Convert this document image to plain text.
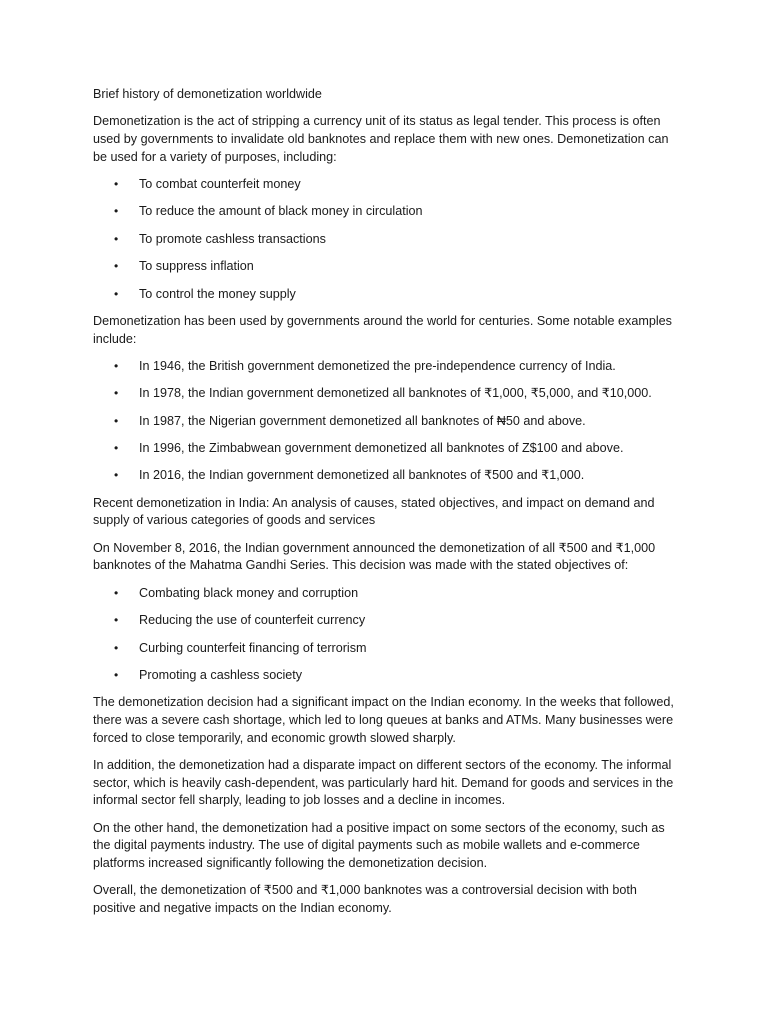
Brief history of demonetization worldwide

Demonetization is the act of stripping a currency unit of its status as legal tender. This process is often used by governments to invalidate old banknotes and replace them with new ones. Demonetization can be used for a variety of purposes, including:

• To combat counterfeit money
• To reduce the amount of black money in circulation
• To promote cashless transactions
• To suppress inflation
• To control the money supply

Demonetization has been used by governments around the world for centuries. Some notable examples include:

• In 1946, the British government demonetized the pre-independence currency of India.
• In 1978, the Indian government demonetized all banknotes of ₹1,000, ₹5,000, and ₹10,000.
• In 1987, the Nigerian government demonetized all banknotes of ₦50 and above.
• In 1996, the Zimbabwean government demonetized all banknotes of Z$100 and above.
• In 2016, the Indian government demonetized all banknotes of ₹500 and ₹1,000.

Recent demonetization in India: An analysis of causes, stated objectives, and impact on demand and supply of various categories of goods and services

On November 8, 2016, the Indian government announced the demonetization of all ₹500 and ₹1,000 banknotes of the Mahatma Gandhi Series. This decision was made with the stated objectives of:

• Combating black money and corruption
• Reducing the use of counterfeit currency
• Curbing counterfeit financing of terrorism
• Promoting a cashless society

The demonetization decision had a significant impact on the Indian economy. In the weeks that followed, there was a severe cash shortage, which led to long queues at banks and ATMs. Many businesses were forced to close temporarily, and economic growth slowed sharply.

In addition, the demonetization had a disparate impact on different sectors of the economy. The informal sector, which is heavily cash-dependent, was particularly hard hit. Demand for goods and services in the informal sector fell sharply, leading to job losses and a decline in incomes.

On the other hand, the demonetization had a positive impact on some sectors of the economy, such as the digital payments industry. The use of digital payments such as mobile wallets and e-commerce platforms increased significantly following the demonetization decision.

Overall, the demonetization of ₹500 and ₹1,000 banknotes was a controversial decision with both positive and negative impacts on the Indian economy.
